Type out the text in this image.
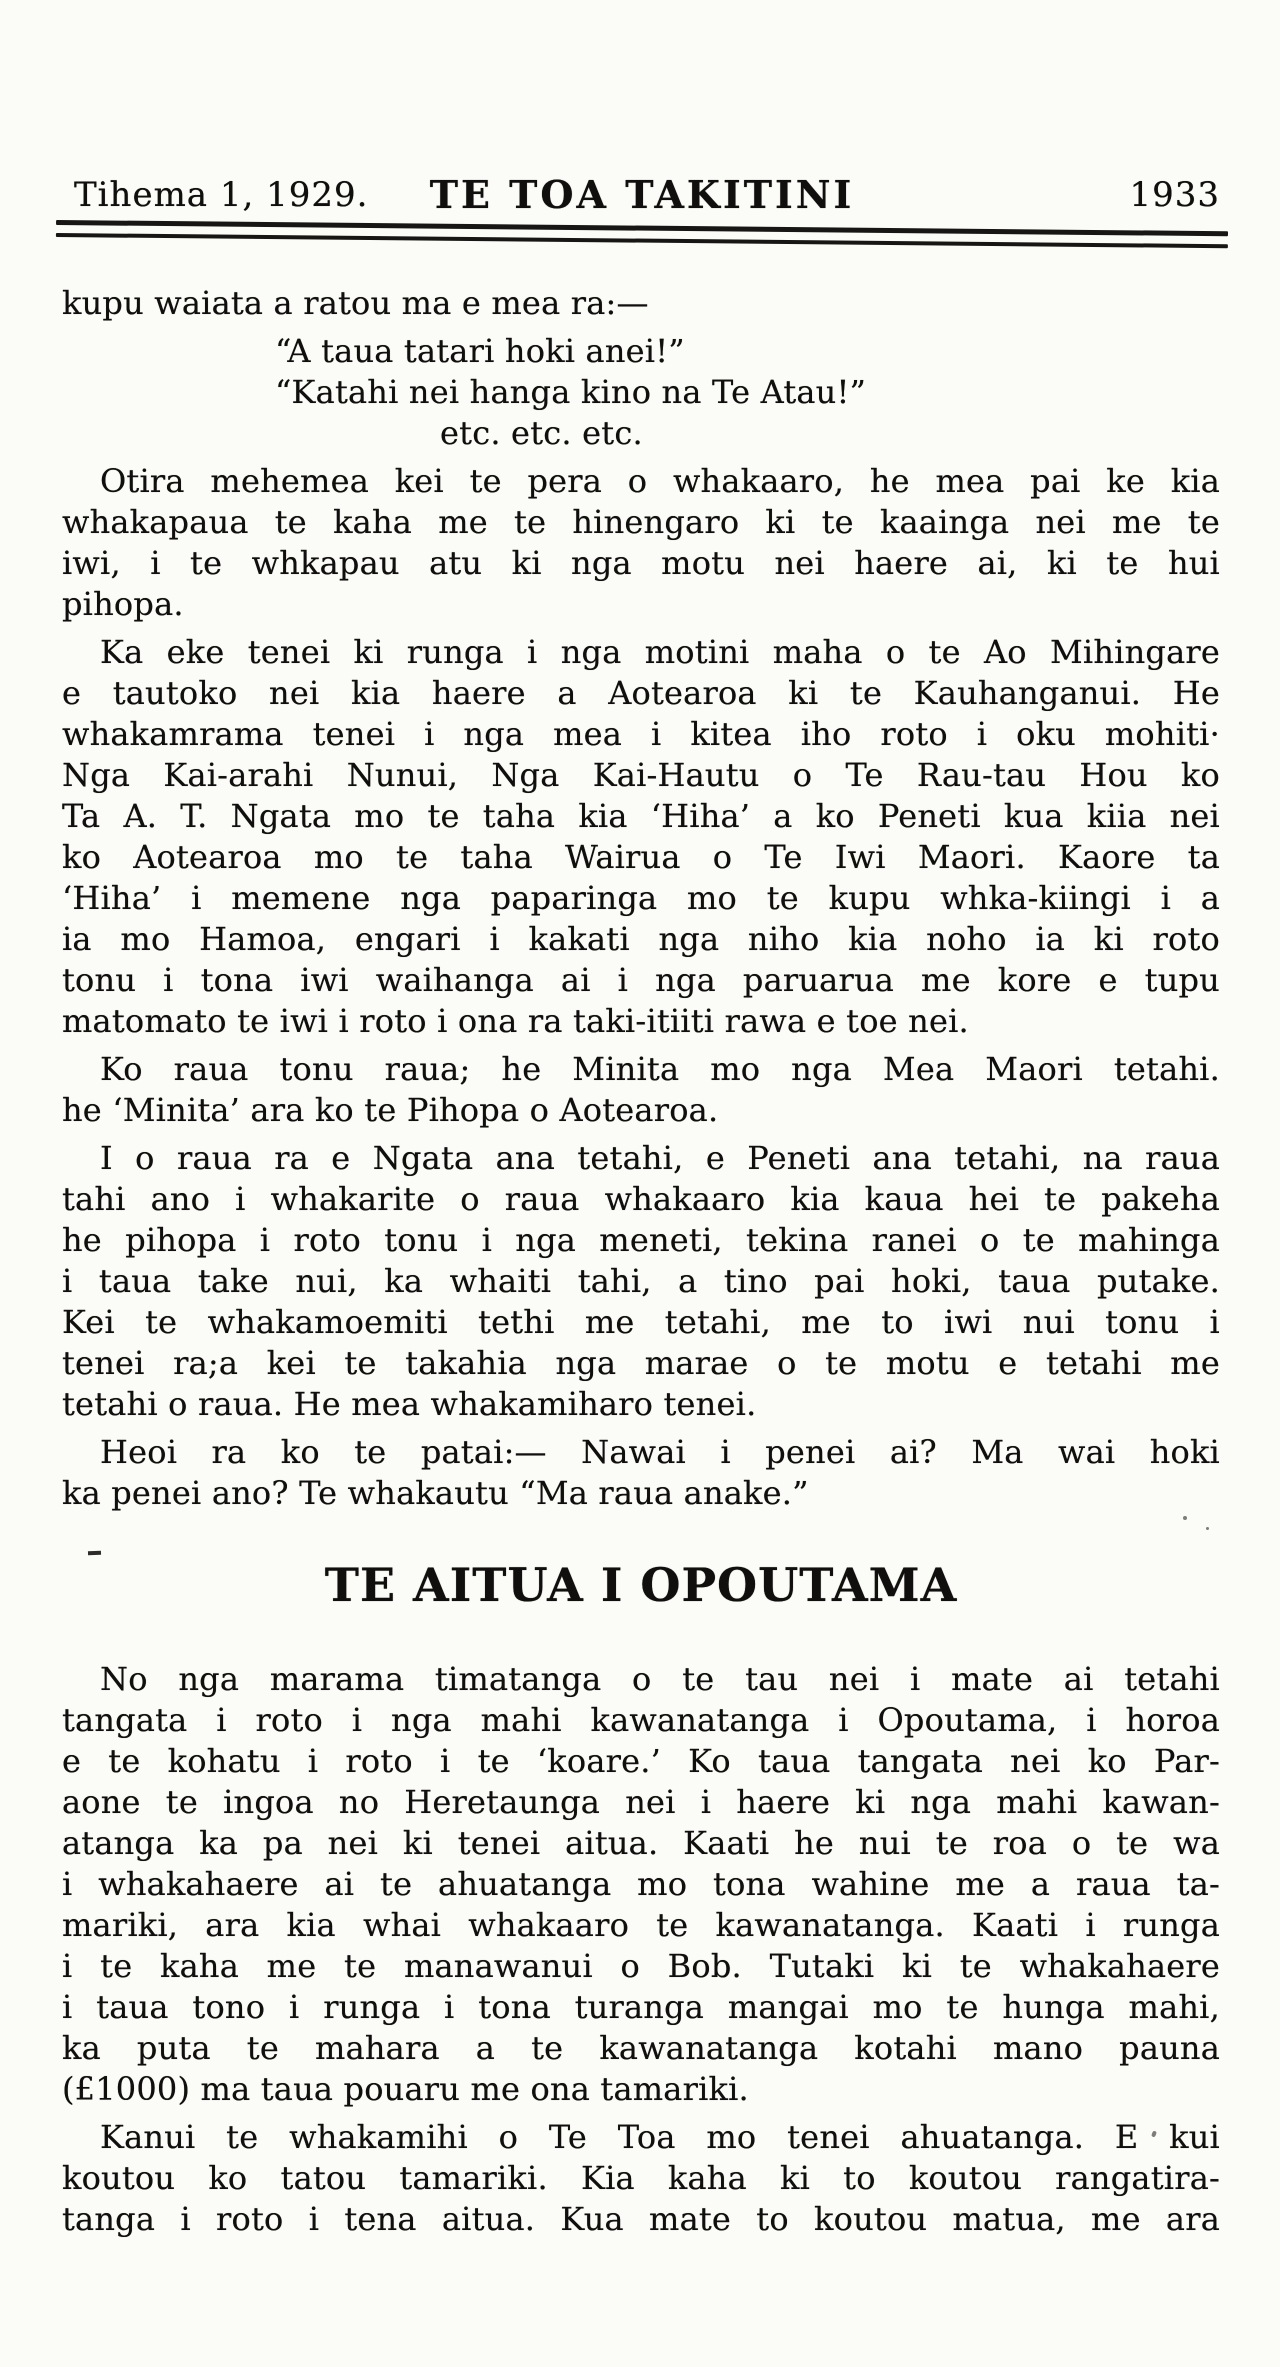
Tihema 1, 1929.	TE TOA TAKITINI	1933
kupu waiata a ratou ma e mea ra:—
“A taua tatari hoki anei!”
“Katahi nei hanga kino na Te Atau!”
etc. etc. etc.
Otira mehemea kei te pera o whakaaro, he mea pai ke kia
whakapaua te kaha me te hinengaro ki te kaainga nei me te
iwi, i te whkapau atu ki nga motu nei haere ai, ki te hui
pihopa.
Ka eke tenei ki runga i nga motini maha o te Ao Mihingare
e tautoko nei kia haere a Aotearoa ki te Kauhanganui. He
whakamrama tenei i nga mea i kitea iho roto i oku mohiti·
Nga Kai-arahi Nunui, Nga Kai-Hautu o Te Rau-tau Hou ko
Ta A. T. Ngata mo te taha kia ‘Hiha’ a ko Peneti kua kiia nei
ko Aotearoa mo te taha Wairua o Te Iwi Maori. Kaore ta
‘Hiha’ i memene nga paparinga mo te kupu whka-kiingi i a
ia mo Hamoa, engari i kakati nga niho kia noho ia ki roto
tonu i tona iwi waihanga ai i nga paruarua me kore e tupu
matomato te iwi i roto i ona ra taki-itiiti rawa e toe nei.
Ko raua tonu raua; he Minita mo nga Mea Maori tetahi.
he ‘Minita’ ara ko te Pihopa o Aotearoa.
I o raua ra e Ngata ana tetahi, e Peneti ana tetahi, na raua
tahi ano i whakarite o raua whakaaro kia kaua hei te pakeha
he pihopa i roto tonu i nga meneti, tekina ranei o te mahinga
i taua take nui, ka whaiti tahi, a tino pai hoki, taua putake.
Kei te whakamoemiti tethi me tetahi, me to iwi nui tonu i
tenei ra;a kei te takahia nga marae o te motu e tetahi me
tetahi o raua. He mea whakamiharo tenei.
Heoi ra ko te patai:— Nawai i penei ai? Ma wai hoki
ka penei ano? Te whakautu “Ma raua anake.”
TE AITUA I OPOUTAMA
No nga marama timatanga o te tau nei i mate ai tetahi
tangata i roto i nga mahi kawanatanga i Opoutama, i horoa
e te kohatu i roto i te ‘koare.’ Ko taua tangata nei ko Par-
aone te ingoa no Heretaunga nei i haere ki nga mahi kawan-
atanga ka pa nei ki tenei aitua. Kaati he nui te roa o te wa
i whakahaere ai te ahuatanga mo tona wahine me a raua ta-
mariki, ara kia whai whakaaro te kawanatanga. Kaati i runga
i te kaha me te manawanui o Bob. Tutaki ki te whakahaere
i taua tono i runga i tona turanga mangai mo te hunga mahi,
ka puta te mahara a te kawanatanga kotahi mano pauna
(£1000) ma taua pouaru me ona tamariki.
Kanui te whakamihi o Te Toa mo tenei ahuatanga. E kui
koutou ko tatou tamariki. Kia kaha ki to koutou rangatira-
tanga i roto i tena aitua. Kua mate to koutou matua, me ara
